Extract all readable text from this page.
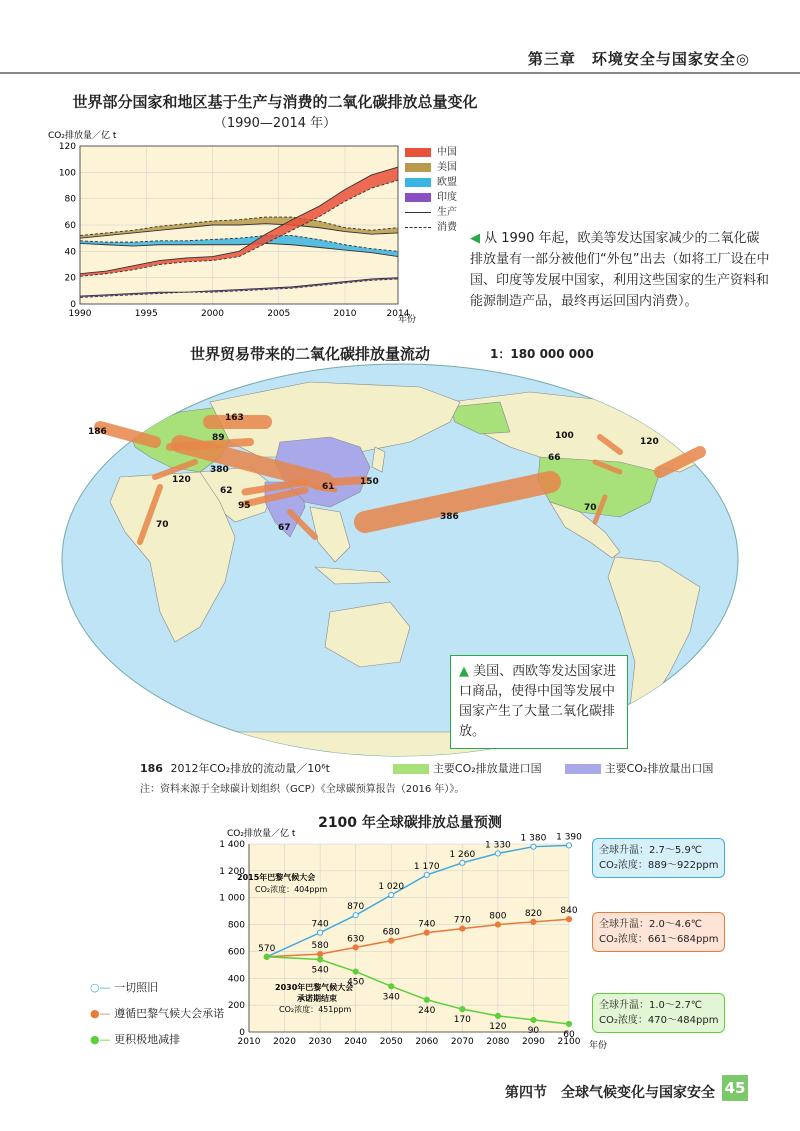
第三章　环境安全与国家安全◎
世界部分国家和地区基于生产与消费的二氧化碳排放总量变化
（1990—2014 年）
CO₂排放量／亿 t
0
20
40
60
80
100
120
1990	1995	2000	2005	2010	2014
年份
中国
美国
欧盟
印度
生产
消费
◀ 从 1990 年起，欧美等发达国家减少的二氧化碳排放量有一部分被他们“外包”出去（如将工厂设在中国、印度等发展中国家，利用这些国家的生产资料和能源制造产品，最终再运回国内消费）。
世界贸易带来的二氧化碳排放量流动	1：180 000 000
163
186
89
380
120
62
95
70	67
61	150
386
100
66
120
70
▲ 美国、西欧等发达国家进口商品，使得中国等发展中国家产生了大量二氧化碳排放。
186 2012年CO₂排放的流动量／10⁶t	主要CO₂排放量进口国	主要CO₂排放量出口国
注：资料来源于全球碳计划组织（GCP）《全球碳预算报告（2016 年）》。
2100 年全球碳排放总量预测
CO₂排放量／亿 t
740
870
1 020
1 170
1 260
1 330
1 380 1 390
570	580
630
680
740 770 800 820 840
540
450
340
240
170
120 90	60
0
200
400
600
800
1 000
1 200
1 400
2010 2020 2030 2040 2050 2060 2070 2080 2090 2100 年份
2015年巴黎气候大会
CO₂浓度：404ppm
2030年巴黎气候大会
承诺期结束
CO₂浓度：451ppm
○— 一切照旧
●— 遵循巴黎气候大会承诺
●— 更积极地减排
全球升温：2.7～5.9℃
CO₂浓度：889～922ppm
全球升温：2.0～4.6℃
CO₂浓度：661～684ppm
全球升温：1.0～2.7℃
CO₂浓度：470～484ppm
第四节　全球气候变化与国家安全 45
